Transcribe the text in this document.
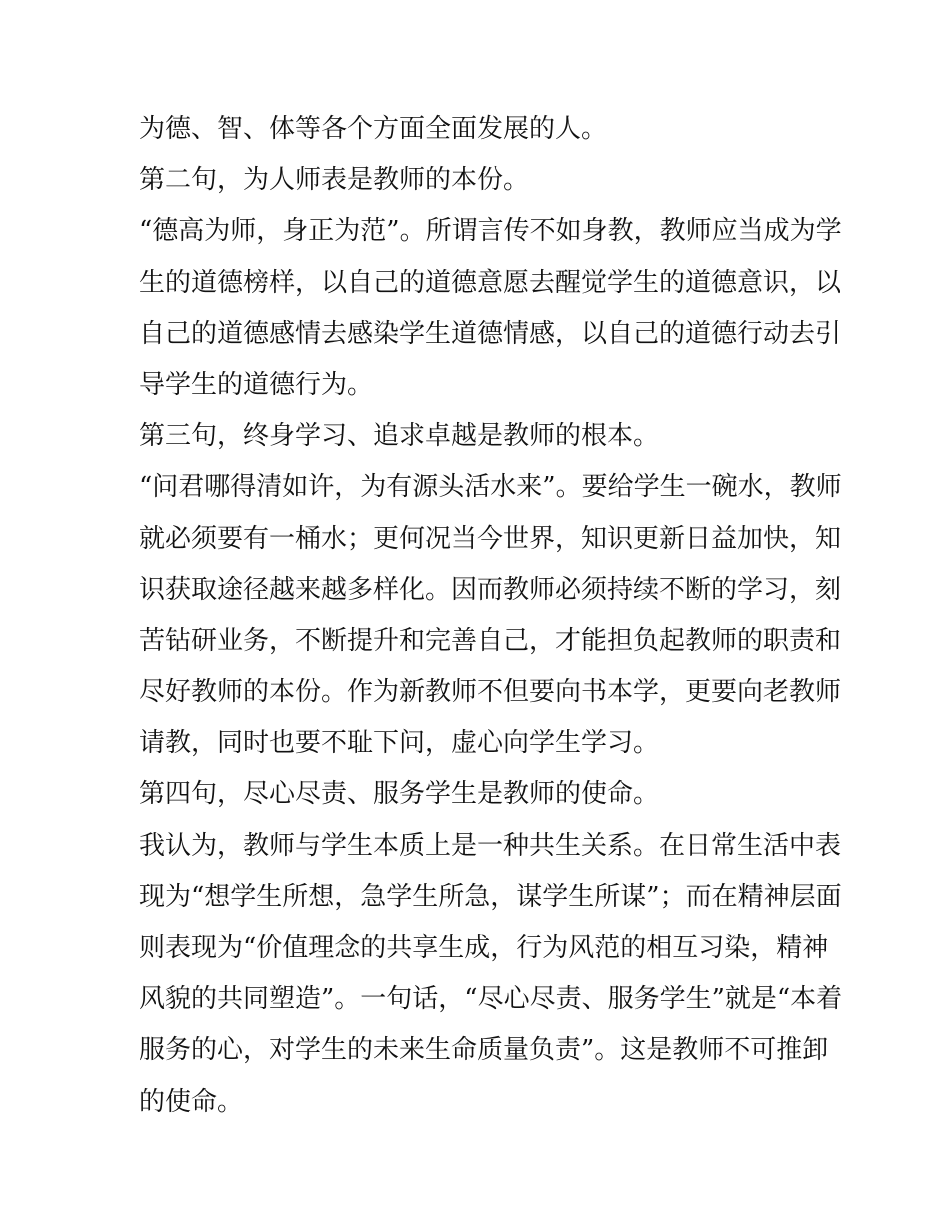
为德、智、体等各个方面全面发展的人。
第二句，为人师表是教师的本份。
“德高为师，身正为范”。所谓言传不如身教，教师应当成为学
生的道德榜样，以自己的道德意愿去醒觉学生的道德意识，以
自己的道德感情去感染学生道德情感，以自己的道德行动去引
导学生的道德行为。
第三句，终身学习、追求卓越是教师的根本。
“问君哪得清如许，为有源头活水来”。要给学生一碗水，教师
就必须要有一桶水；更何况当今世界，知识更新日益加快，知
识获取途径越来越多样化。因而教师必须持续不断的学习，刻
苦钻研业务，不断提升和完善自己，才能担负起教师的职责和
尽好教师的本份。作为新教师不但要向书本学，更要向老教师
请教，同时也要不耻下问，虚心向学生学习。
第四句，尽心尽责、服务学生是教师的使命。
我认为，教师与学生本质上是一种共生关系。在日常生活中表
现为“想学生所想，急学生所急，谋学生所谋”；而在精神层面
则表现为“价值理念的共享生成，行为风范的相互习染，精神
风貌的共同塑造”。一句话，“尽心尽责、服务学生”就是“本着
服务的心，对学生的未来生命质量负责”。这是教师不可推卸
的使命。
